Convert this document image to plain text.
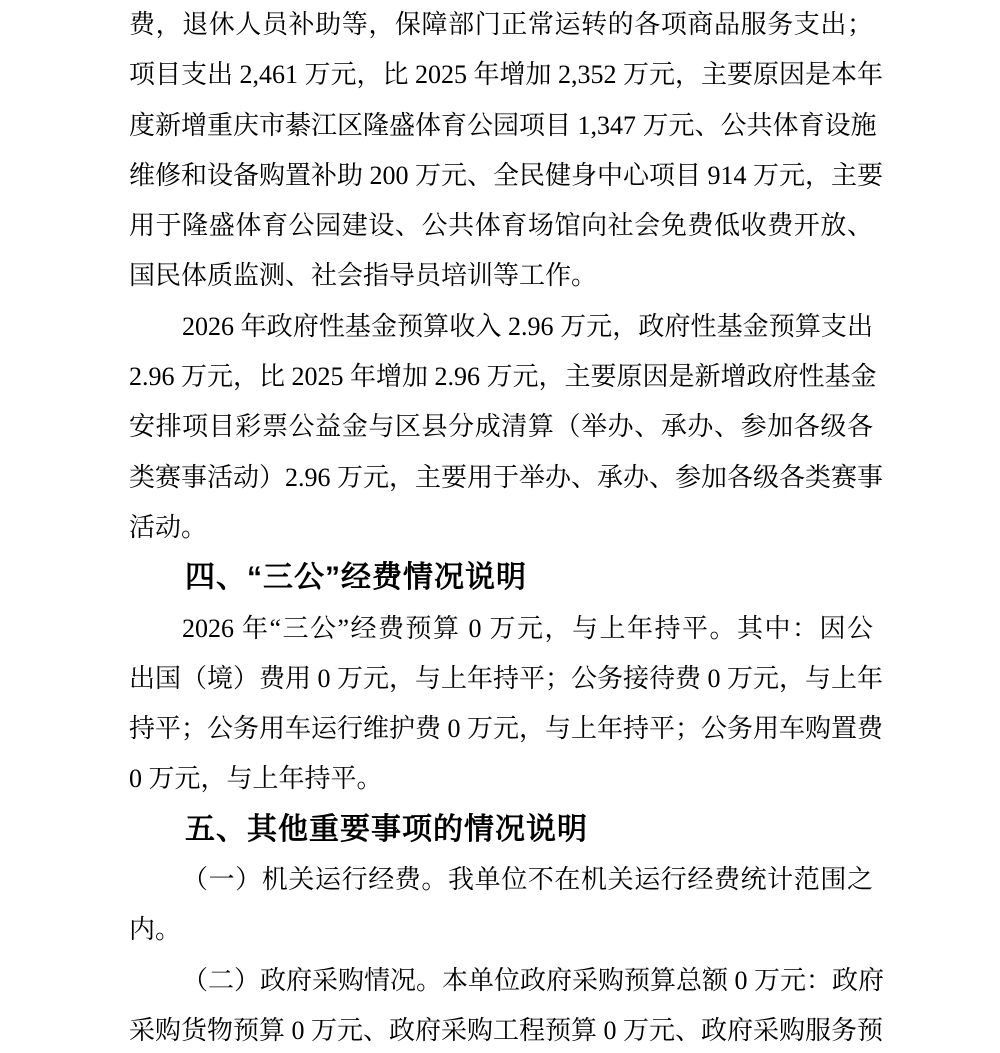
费，退休人员补助等，保障部门正常运转的各项商品服务支出；
项目支出 2,461 万元，比 2025 年增加 2,352 万元，主要原因是本年
度新增重庆市綦江区隆盛体育公园项目 1,347 万元、公共体育设施
维修和设备购置补助 200 万元、全民健身中心项目 914 万元，主要
用于隆盛体育公园建设、公共体育场馆向社会免费低收费开放、
国民体质监测、社会指导员培训等工作。
2026 年政府性基金预算收入 2.96 万元，政府性基金预算支出
2.96 万元，比 2025 年增加 2.96 万元，主要原因是新增政府性基金
安排项目彩票公益金与区县分成清算（举办、承办、参加各级各
类赛事活动）2.96 万元，主要用于举办、承办、参加各级各类赛事
活动。
四、“三公”经费情况说明
2026 年“三公”经费预算 0 万元，与上年持平。其中：因公
出国（境）费用 0 万元，与上年持平；公务接待费 0 万元，与上年
持平；公务用车运行维护费 0 万元，与上年持平；公务用车购置费
0 万元，与上年持平。
五、其他重要事项的情况说明
（一）机关运行经费。我单位不在机关运行经费统计范围之
内。
（二）政府采购情况。本单位政府采购预算总额 0 万元：政府
采购货物预算 0 万元、政府采购工程预算 0 万元、政府采购服务预
